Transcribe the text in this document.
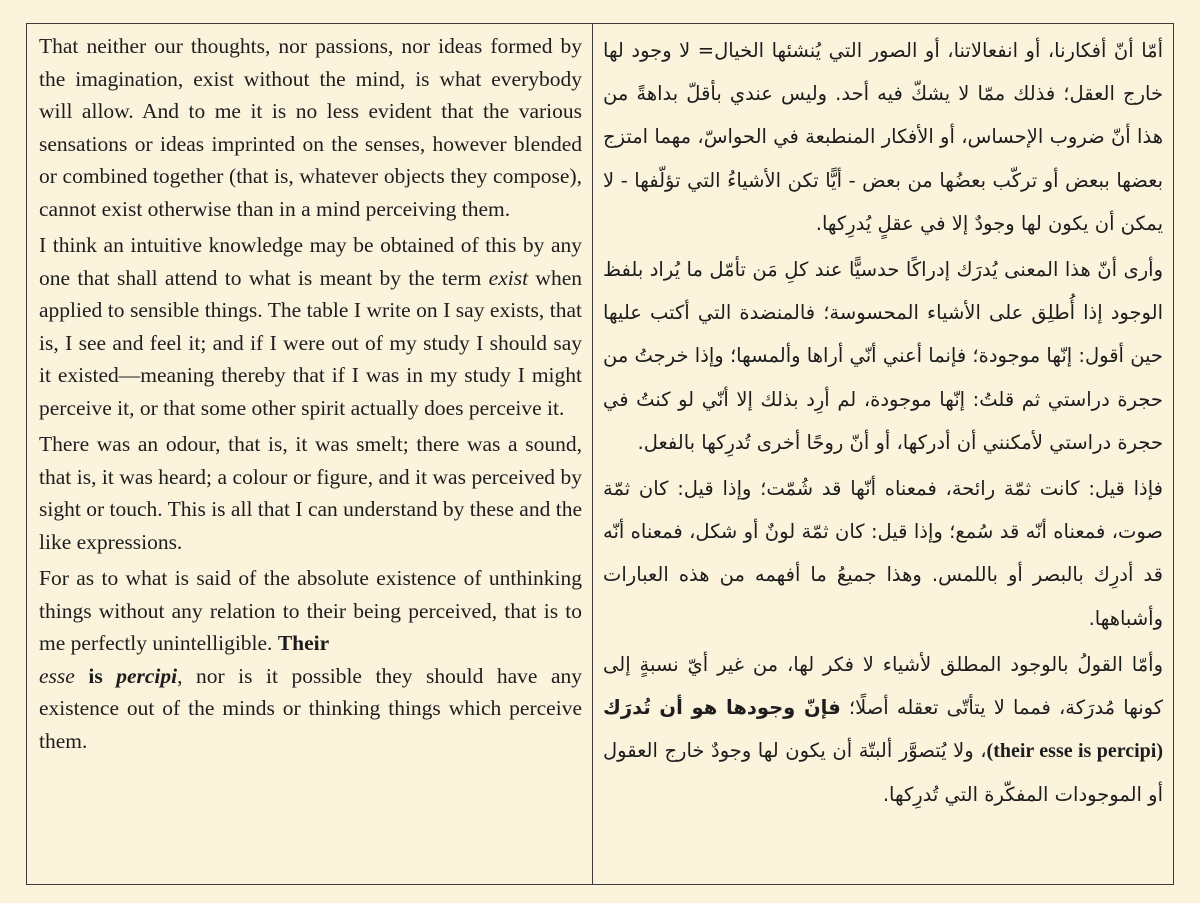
That neither our thoughts, nor passions, nor ideas formed by the imagination, exist without the mind, is what everybody will allow. And to me it is no less evident that the various sensations or ideas imprinted on the senses, however blended or combined together (that is, whatever objects they compose), cannot exist otherwise than in a mind perceiving them.

I think an intuitive knowledge may be obtained of this by any one that shall attend to what is meant by the term exist when applied to sensible things. The table I write on I say exists, that is, I see and feel it; and if I were out of my study I should say it existed—meaning thereby that if I was in my study I might perceive it, or that some other spirit actually does perceive it.

There was an odour, that is, it was smelt; there was a sound, that is, it was heard; a colour or figure, and it was perceived by sight or touch. This is all that I can understand by these and the like expressions.

For as to what is said of the absolute existence of unthinking things without any relation to their being perceived, that is to me perfectly unintelligible. Their
esse is percipi, nor is it possible they should have any existence out of the minds or thinking things which perceive them.

أمّا أنّ أفكارنا، أو انفعالاتنا، أو الصور التي يُنشئها الخيال= لا وجود لها خارج العقل؛ فذلك ممّا لا يشكّ فيه أحد. وليس عندي بأقلّ بداهةً من هذا أنّ ضروب الإحساس، أو الأفكار المنطبعة في الحواسّ، مهما امتزج بعضها ببعض أو تركّب بعضُها من بعض - أيًّا تكن الأشياءُ التي تؤلّفها - لا يمكن أن يكون لها وجودٌ إلا في عقلٍ يُدرِكها.

وأرى أنّ هذا المعنى يُدرَك إدراكًا حدسيًّا عند كلِ مَن تأمّل ما يُراد بلفظ الوجود إذا أُطلِق على الأشياء المحسوسة؛ فالمنضدة التي أكتب عليها حين أقول: إنّها موجودة؛ فإنما أعني أنّي أراها وألمسها؛ وإذا خرجتُ من حجرة دراستي ثم قلتُ: إنّها موجودة، لم أرِد بذلك إلا أنّي لو كنتُ في حجرة دراستي لأمكنني أن أدركها، أو أنّ روحًا أخرى تُدرِكها بالفعل.

فإذا قيل: كانت ثمّة رائحة، فمعناه أنّها قد شُمّت؛ وإذا قيل: كان ثمّة صوت، فمعناه أنّه قد سُمع؛ وإذا قيل: كان ثمّة لونٌ أو شكل، فمعناه أنّه قد أدرِك بالبصر أو باللمس. وهذا جميعُ ما أفهمه من هذه العبارات وأشباهها.

وأمّا القولُ بالوجود المطلق لأشياء لا فكر لها، من غير أيّ نسبةٍ إلى كونها مُدرَكة، فمما لا يتأتّى تعقله أصلًا؛ فإنّ وجودها هو أن تُدرَك (their esse is percipi)، ولا يُتصوَّر ألبتّة أن يكون لها وجودٌ خارج العقول أو الموجودات المفكّرة التي تُدرِكها.
